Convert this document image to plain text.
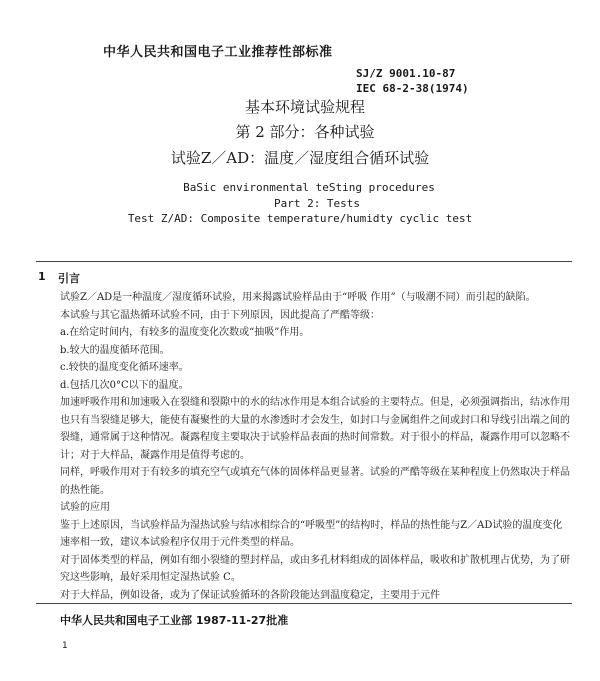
中华人民共和国电子工业推荐性部标准
SJ/Z 9001.10-87
IEC 68-2-38(1974)
基本环境试验规程
第 2 部分：各种试验
试验Z／AD：温度／湿度组合循环试验
BaSic environmental teSting procedures
Part 2: Tests
Test Z/AD: Composite temperature/humidty cyclic test
1 引言

试验Z／AD是一种温度／湿度循环试验，用来揭露试验样品由于“呼吸 作用”（与吸潮不同）而引起的缺陷。

本试验与其它温热循环试验不同，由于下列原因，因此提高了严酷等级：

a.在给定时间内，有较多的温度变化次数或“抽吸”作用。

b.较大的温度循环范围。

c.较快的温度变化循环速率。

d.包括几次0°C以下的温度。

加速呼吸作用和加速吸入在裂缝和裂隙中的水的结冰作用是本组合试验的主要特点。但是，必须强调指出，结冰作用也只有当裂缝足够大，能使有凝聚性的大量的水渗透时才会发生，如封口与金属组件之间或封口和导线引出端之间的裂缝，通常属于这种情况。凝露程度主要取决于试验样品表面的热时间常数。对于很小的样品，凝露作用可以忽略不计；对于大样品，凝露作用是值得考虑的。

同样，呼吸作用对于有较多的填充空气或填充气体的固体样品更显著。试验的严酷等级在某种程度上仍然取决于样品的热性能。

试验的应用

鉴于上述原因，当试验样品为湿热试验与结冰相综合的“呼吸型”的结构时，样品的热性能与Z／AD试验的温度变化速率相一致，建议本试验程序仅用于元件类型的样品。

对于固体类型的样品，例如有细小裂缝的塑封样品，或由多孔材料组成的固体样品，吸收和扩散机理占优势，为了研究这些影响，最好采用恒定湿热试验 C。

对于大样品，例如设备，或为了保证试验循环的各阶段能达到温度稳定，主要用于元件

中华人民共和国电子工业部 1987-11-27批准
1
